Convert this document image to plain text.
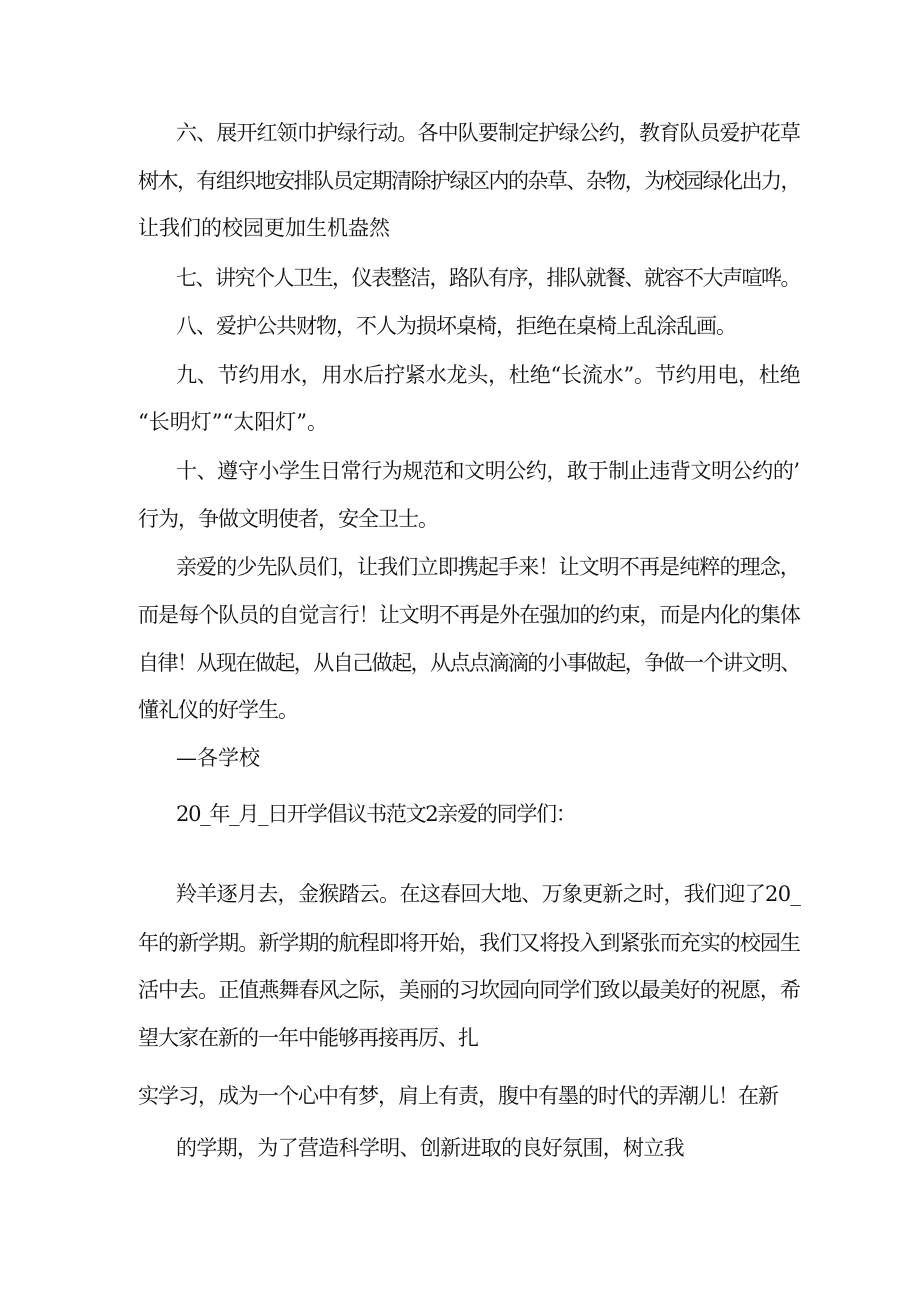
六、展开红领巾护绿行动。各中队要制定护绿公约，教育队员爱护花草
树木，有组织地安排队员定期清除护绿区内的杂草、杂物，为校园绿化出力，
让我们的校园更加生机盎然
七、讲究个人卫生，仪表整洁，路队有序，排队就餐、就容不大声喧哗。
八、爱护公共财物，不人为损坏桌椅，拒绝在桌椅上乱涂乱画。
九、节约用水，用水后拧紧水龙头，杜绝“长流水”。节约用电，杜绝
“长明灯”“太阳灯”。
十、遵守小学生日常行为规范和文明公约，敢于制止违背文明公约的’
行为，争做文明使者，安全卫士。
亲爱的少先队员们，让我们立即携起手来！让文明不再是纯粹的理念，
而是每个队员的自觉言行！让文明不再是外在强加的约束，而是内化的集体
自律！从现在做起，从自己做起，从点点滴滴的小事做起，争做一个讲文明、
懂礼仪的好学生。
—各学校
20_年_月_日开学倡议书范文2亲爱的同学们：
羚羊逐月去，金猴踏云。在这春回大地、万象更新之时，我们迎了20_
年的新学期。新学期的航程即将开始，我们又将投入到紧张而充实的校园生
活中去。正值燕舞春风之际，美丽的习坎园向同学们致以最美好的祝愿，希
望大家在新的一年中能够再接再厉、扎
实学习，成为一个心中有梦，肩上有责，腹中有墨的时代的弄潮儿！在新
的学期，为了营造科学明、创新进取的良好氛围，树立我
